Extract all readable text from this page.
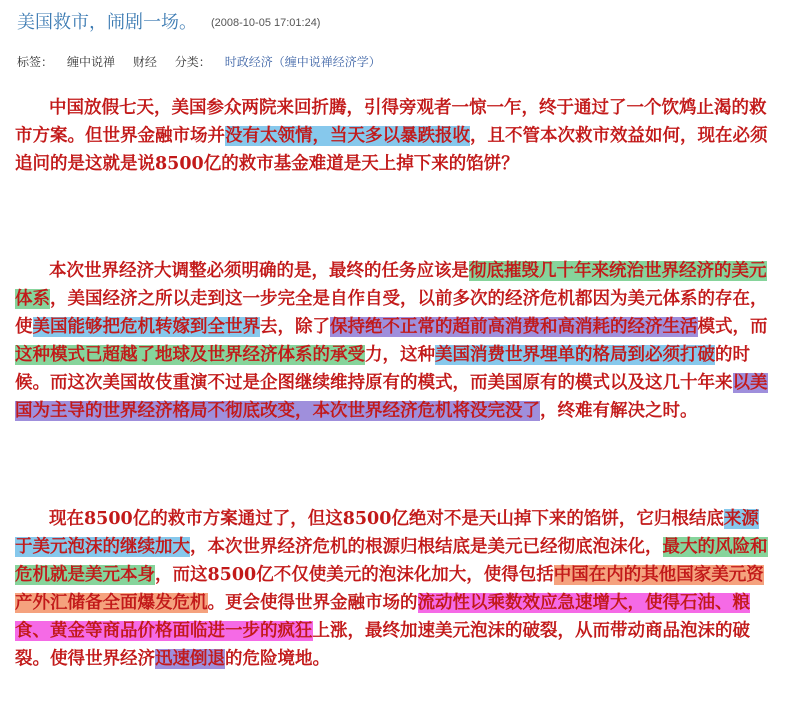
美国救市，闹剧一场。 (2008-10-05 17:01:24)
标签： 缠中说禅 财经 分类： 时政经济（缠中说禅经济学）
中国放假七天，美国参众两院来回折腾，引得旁观者一惊一乍，终于通过了一个饮鸩止渴的救市方案。但世界金融市场并没有太领情，当天多以暴跌报收，且不管本次救市效益如何，现在必须追问的是这就是说8500亿的救市基金难道是天上掉下来的馅饼？
本次世界经济大调整必须明确的是，最终的任务应该是彻底摧毁几十年来统治世界经济的美元体系，美国经济之所以走到这一步完全是自作自受，以前多次的经济危机都因为美元体系的存在，使美国能够把危机转嫁到全世界去，除了保持绝不正常的超前高消费和高消耗的经济生活模式，而这种模式已超越了地球及世界经济体系的承受力，这种美国消费世界埋单的格局到必须打破的时候。而这次美国故伎重演不过是企图继续维持原有的模式，而美国原有的模式以及这几十年来以美国为主导的世界经济格局不彻底改变，本次世界经济危机将没完没了，终难有解决之时。
现在8500亿的救市方案通过了，但这8500亿绝对不是天山掉下来的馅饼，它归根结底来源于美元泡沫的继续加大，本次世界经济危机的根源归根结底是美元已经彻底泡沫化，最大的风险和危机就是美元本身，而这8500亿不仅使美元的泡沫化加大，使得包括中国在内的其他国家美元资产外汇储备全面爆发危机。更会使得世界金融市场的流动性以乘数效应急速增大，使得石油、粮食、黄金等商品价格面临进一步的疯狂上涨，最终加速美元泡沫的破裂，从而带动商品泡沫的破裂。使得世界经济迅速倒退的危险境地。
